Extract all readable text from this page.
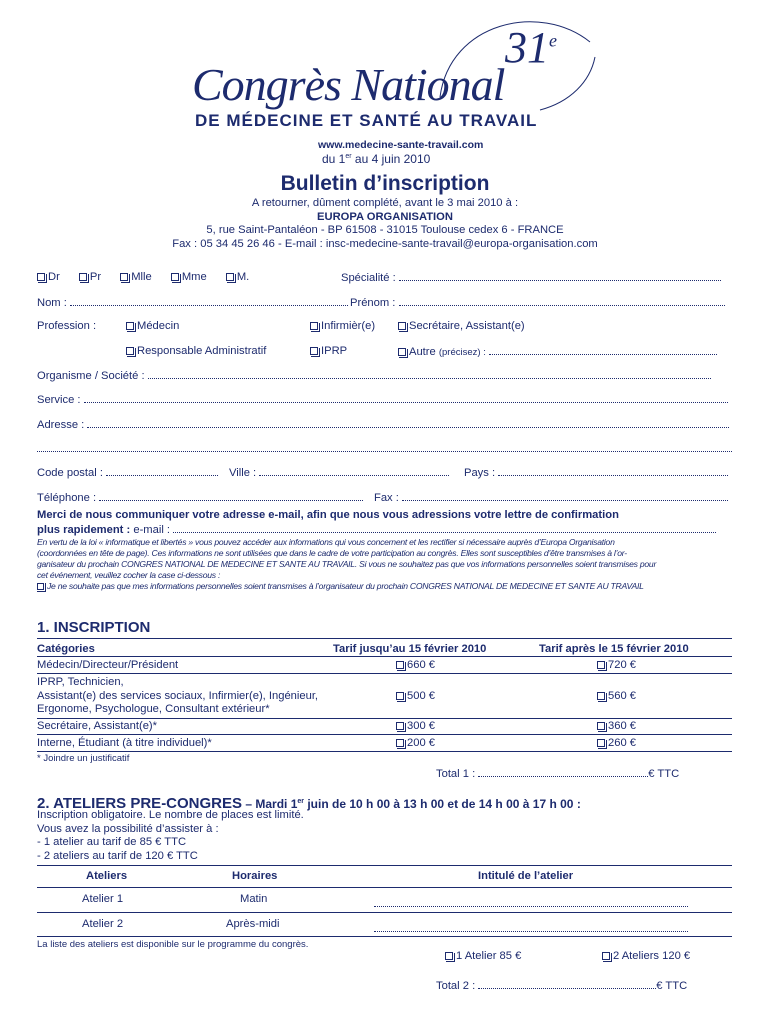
31e
Congrès National
DE MÉDECINE ET SANTÉ AU TRAVAIL
www.medecine-sante-travail.com
du 1er au 4 juin 2010
Bulletin d’inscription
A retourner, dûment complété, avant le 3 mai 2010 à :
EUROPA ORGANISATION
5, rue Saint-Pantaléon - BP 61508 - 31015 Toulouse cedex 6 - FRANCE
Fax : 05 34 45 26 46 - E-mail : insc-medecine-sante-travail@europa-organisation.com
Dr	Pr	Mlle	Mme	M.	Spécialité :
Nom :	Prénom :
Profession :	Médecin	Infirmièr(e)	Secrétaire, Assistant(e)
Responsable Administratif	IPRP	Autre (précisez) :
Organisme / Société :
Service :
Adresse :
Code postal :	Ville :	Pays :
Téléphone :	Fax :
Merci de nous communiquer votre adresse e-mail, afin que nous vous adressions votre lettre de confirmation
plus rapidement : e-mail :
En vertu de la loi « informatique et libertés » vous pouvez accéder aux informations qui vous concernent et les rectifier si nécessaire auprès d’Europa Organisation
(coordonnées en tête de page). Ces informations ne sont utilisées que dans le cadre de votre participation au congrès. Elles sont susceptibles d’être transmises à l’or-
ganisateur du prochain CONGRES NATIONAL DE MEDECINE ET SANTE AU TRAVAIL. Si vous ne souhaitez pas que vos informations personnelles soient transmises pour
cet événement, veuillez cocher la case ci-dessous :
Je ne souhaite pas que mes informations personnelles soient transmises à l’organisateur du prochain CONGRES NATIONAL DE MEDECINE ET SANTE AU TRAVAIL
1. INSCRIPTION
Catégories	Tarif jusqu’au 15 février 2010	Tarif après le 15 février 2010
Médecin/Directeur/Président	660 €	720 €
IPRP, Technicien,
Assistant(e) des services sociaux, Infirmier(e), Ingénieur,
Ergonome, Psychologue, Consultant extérieur*
500 €	560 €
Secrétaire, Assistant(e)*	300 €	360 €
Interne, Étudiant (à titre individuel)*	200 €	260 €
* Joindre un justificatif
Total 1 :	€ TTC
2. ATELIERS PRE-CONGRES – Mardi 1er juin de 10 h 00 à 13 h 00 et de 14 h 00 à 17 h 00 :
Inscription obligatoire. Le nombre de places est limité.
Vous avez la possibilité d’assister à :
- 1 atelier au tarif de 85 € TTC
- 2 ateliers au tarif de 120 € TTC
Ateliers	Horaires	Intitulé de l’atelier
Atelier 1	Matin
Atelier 2	Après-midi
La liste des ateliers est disponible sur le programme du congrès.
1 Atelier 85 €	2 Ateliers 120 €
Total 2 :	€ TTC
